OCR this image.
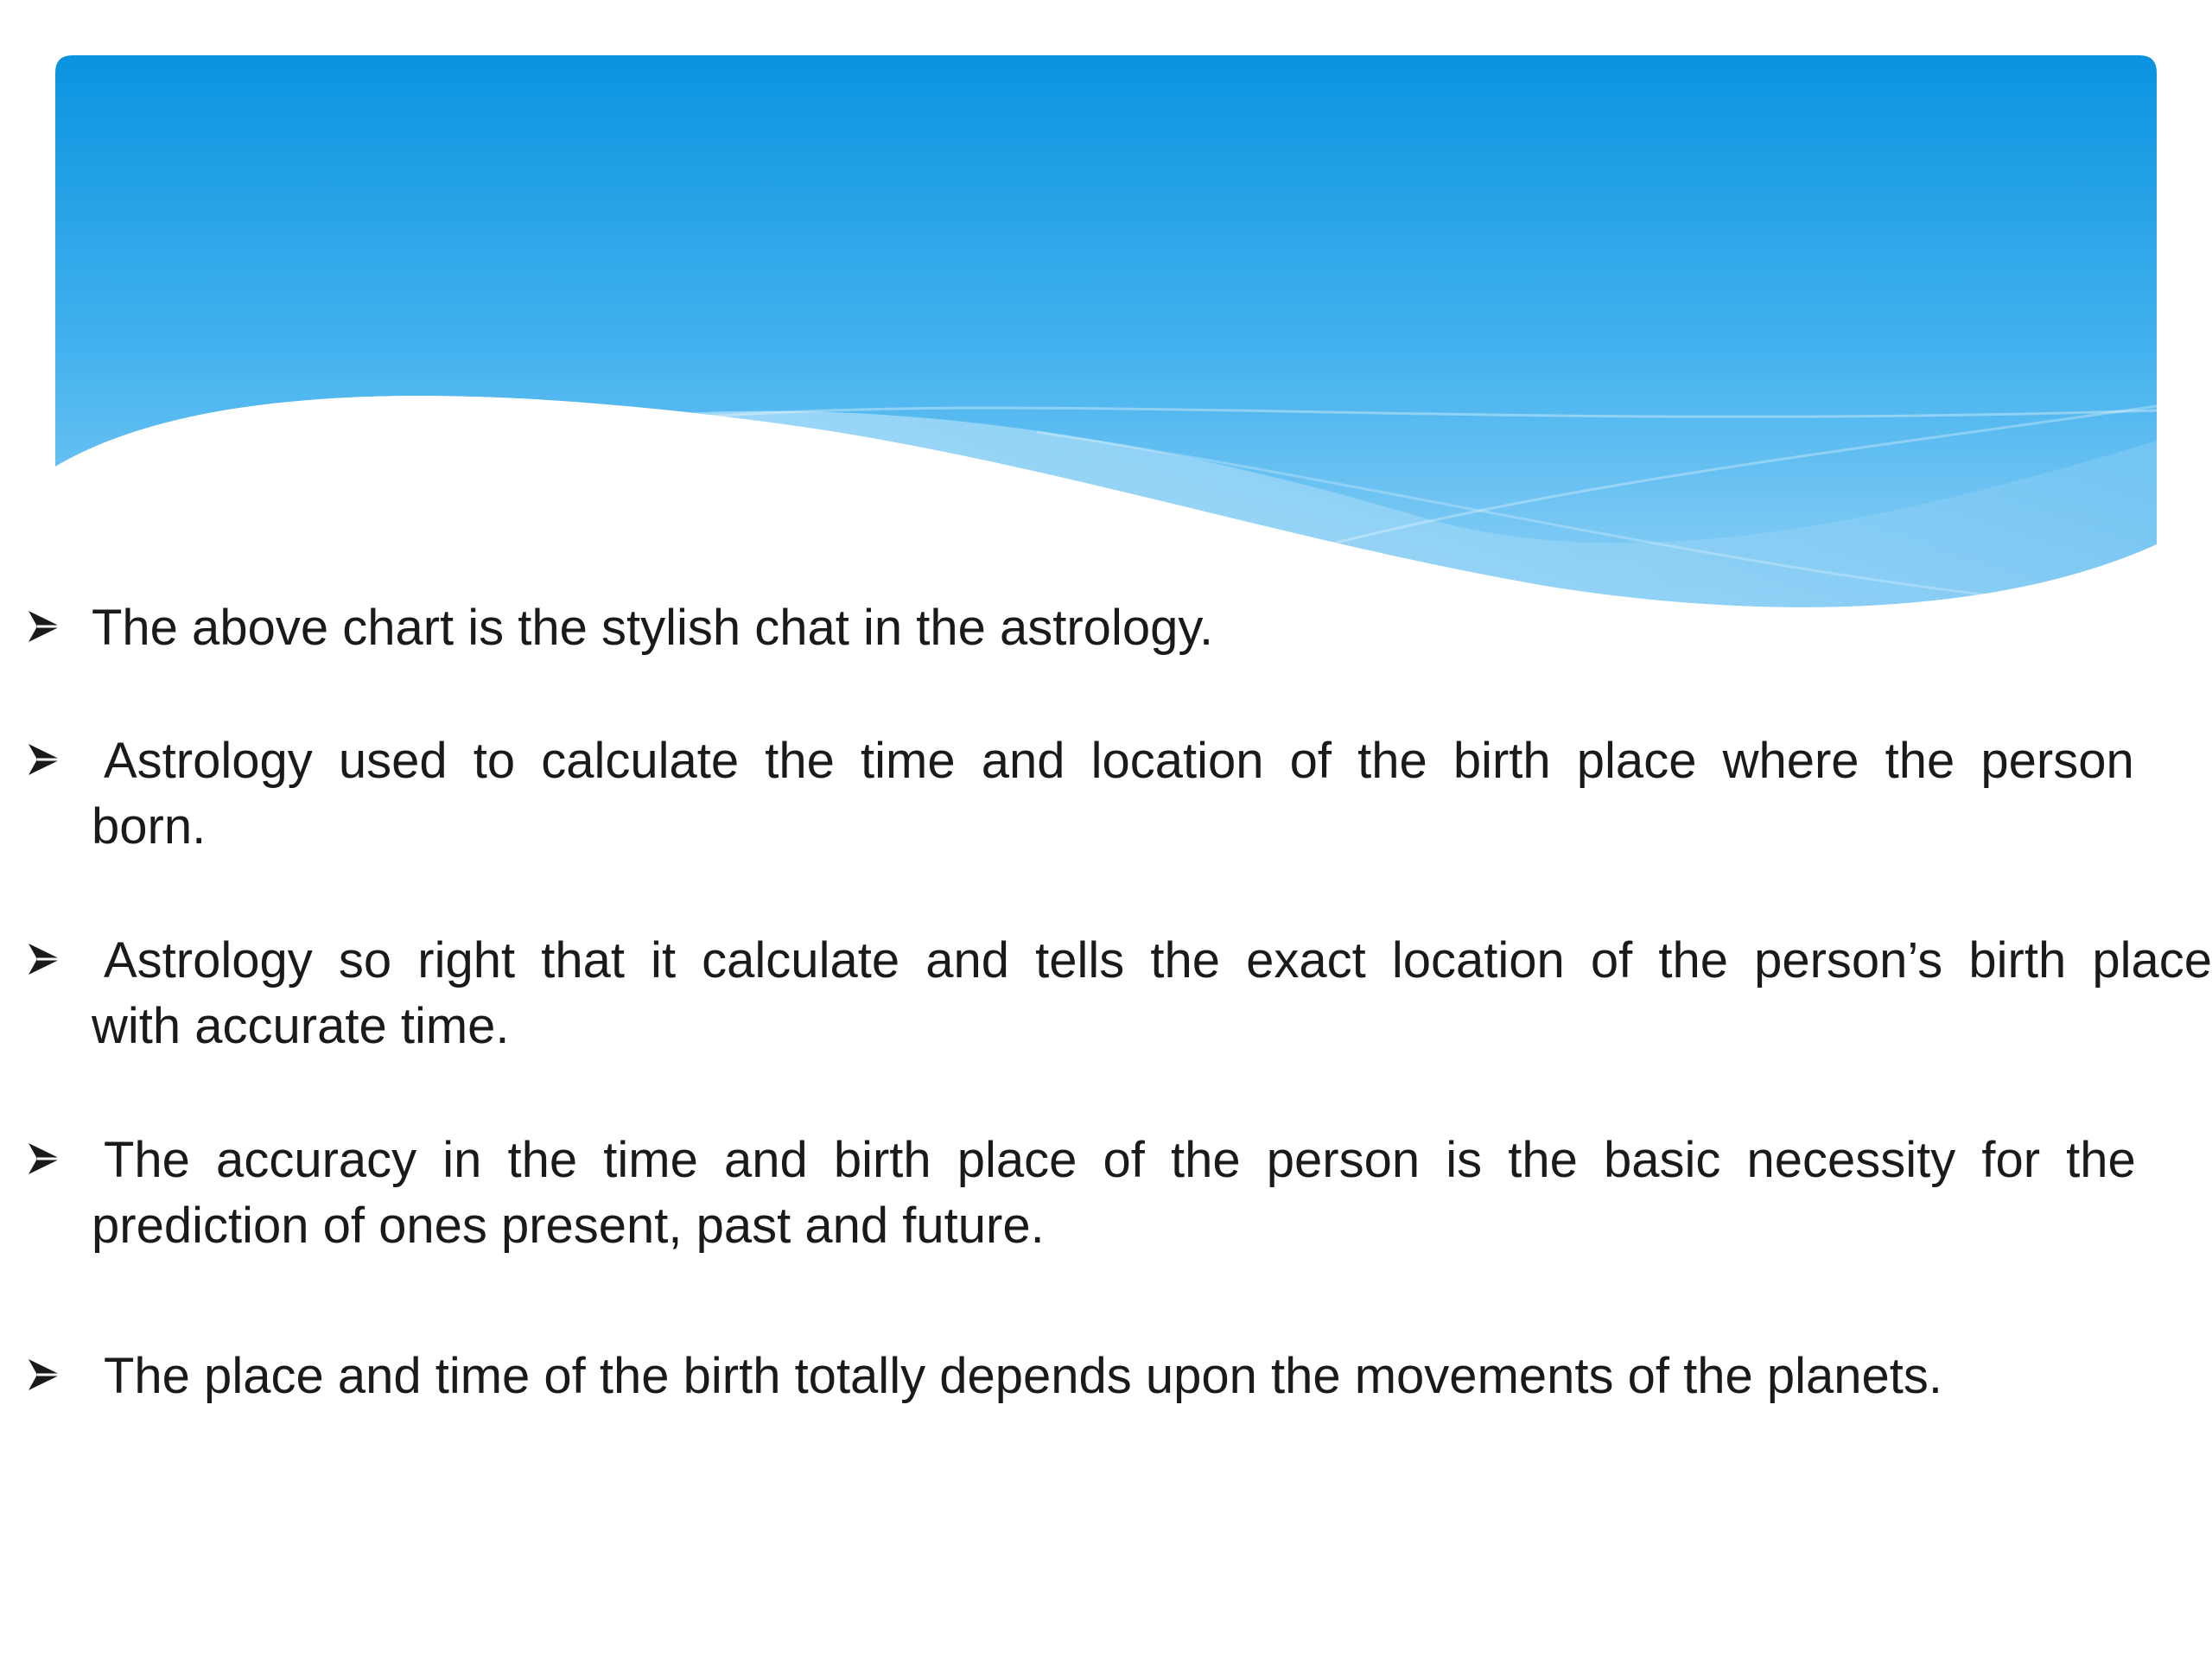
The above chart is the stylish chat in the astrology.
Astrology used to calculate the time and location of the birth place where the person
born.
Astrology so right that it calculate and tells the exact location of the person’s birth place
with accurate time.
The accuracy in the time and birth place of the person is the basic necessity for the
prediction of ones present, past and future.
The place and time of the birth totally depends upon the movements of the planets.
